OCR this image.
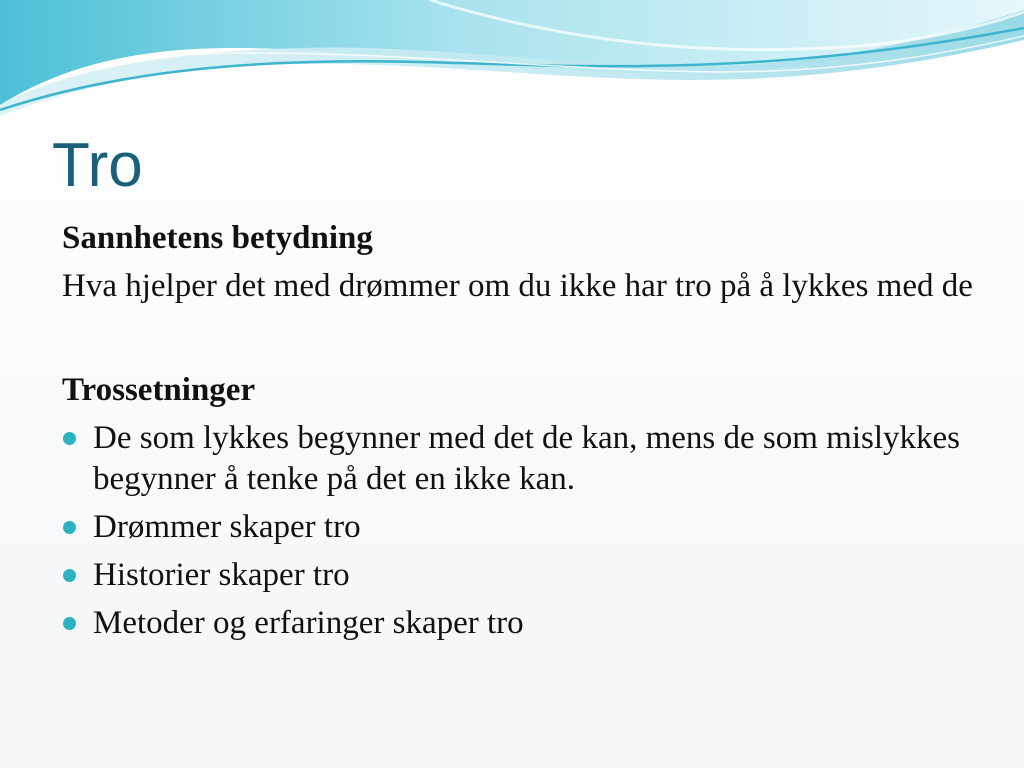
Tro

Sannhetens betydning

Hva hjelper det med drømmer om du ikke har tro på å lykkes med de

Trossetninger

De som lykkes begynner med det de kan, mens de som mislykkes begynner å tenke på det en ikke kan.
Drømmer skaper tro
Historier skaper tro
Metoder og erfaringer skaper tro
